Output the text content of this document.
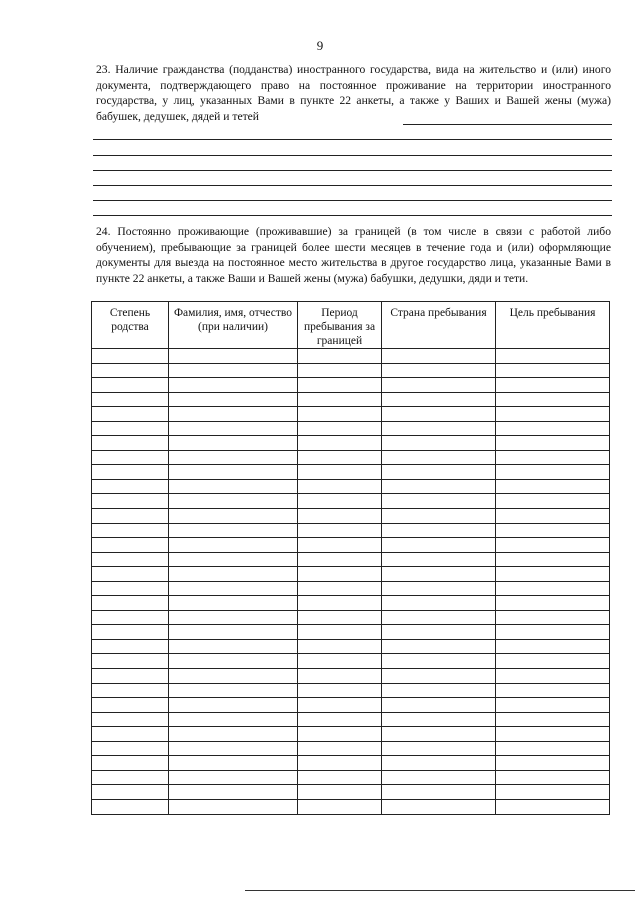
9
23. Наличие гражданства (подданства) иностранного государства, вида на жительство и (или) иного документа, подтверждающего право на постоянное проживание на территории иностранного государства, у лиц, указанных Вами в пункте 22 анкеты, а также у Ваших и Вашей жены (мужа) бабушек, дедушек, дядей и тетей
24. Постоянно проживающие (проживавшие) за границей (в том числе в связи с работой либо обучением), пребывающие за границей более шести месяцев в течение года и (или) оформляющие документы для выезда на постоянное место жительства в другое государство лица, указанные Вами в пункте 22 анкеты, а также Ваши и Вашей жены (мужа) бабушки, дедушки, дяди и тети.
Степень родства	Фамилия, имя, отчество (при наличии)	Период пребывания за границей	Страна пребывания	Цель пребывания
